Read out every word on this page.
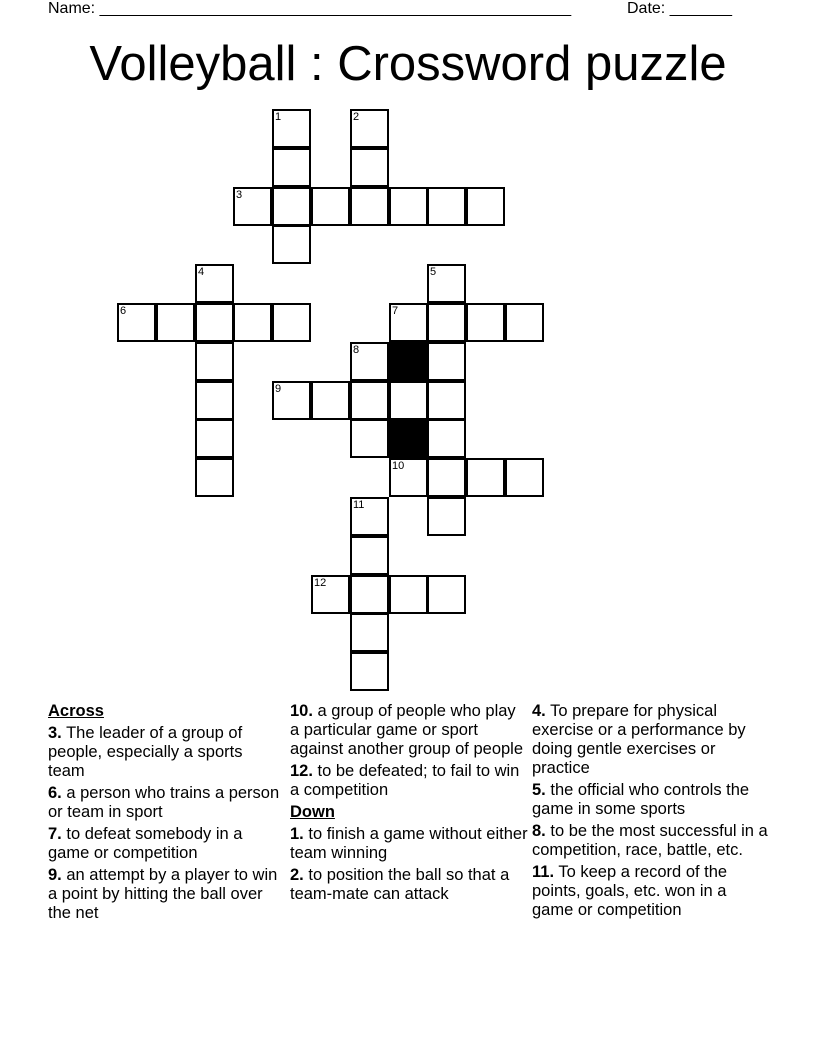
Name: _____________________________________________________	Date: _______
Volleyball : Crossword puzzle
1	2
3
4	5
6	7
8
9
10
11
12
Across
3. The leader of a group of people, especially a sports team
6. a person who trains a person or team in sport
7. to defeat somebody in a game or competition
9. an attempt by a player to win a point by hitting the ball over the net
10. a group of people who play a particular game or sport against another group of people
12. to be defeated; to fail to win a competition
Down
1. to finish a game without either team winning
2. to position the ball so that a team-mate can attack
4. To prepare for physical exercise or a performance by doing gentle exercises or practice
5. the official who controls the game in some sports
8. to be the most successful in a competition, race, battle, etc.
11. To keep a record of the points, goals, etc. won in a game or competition
